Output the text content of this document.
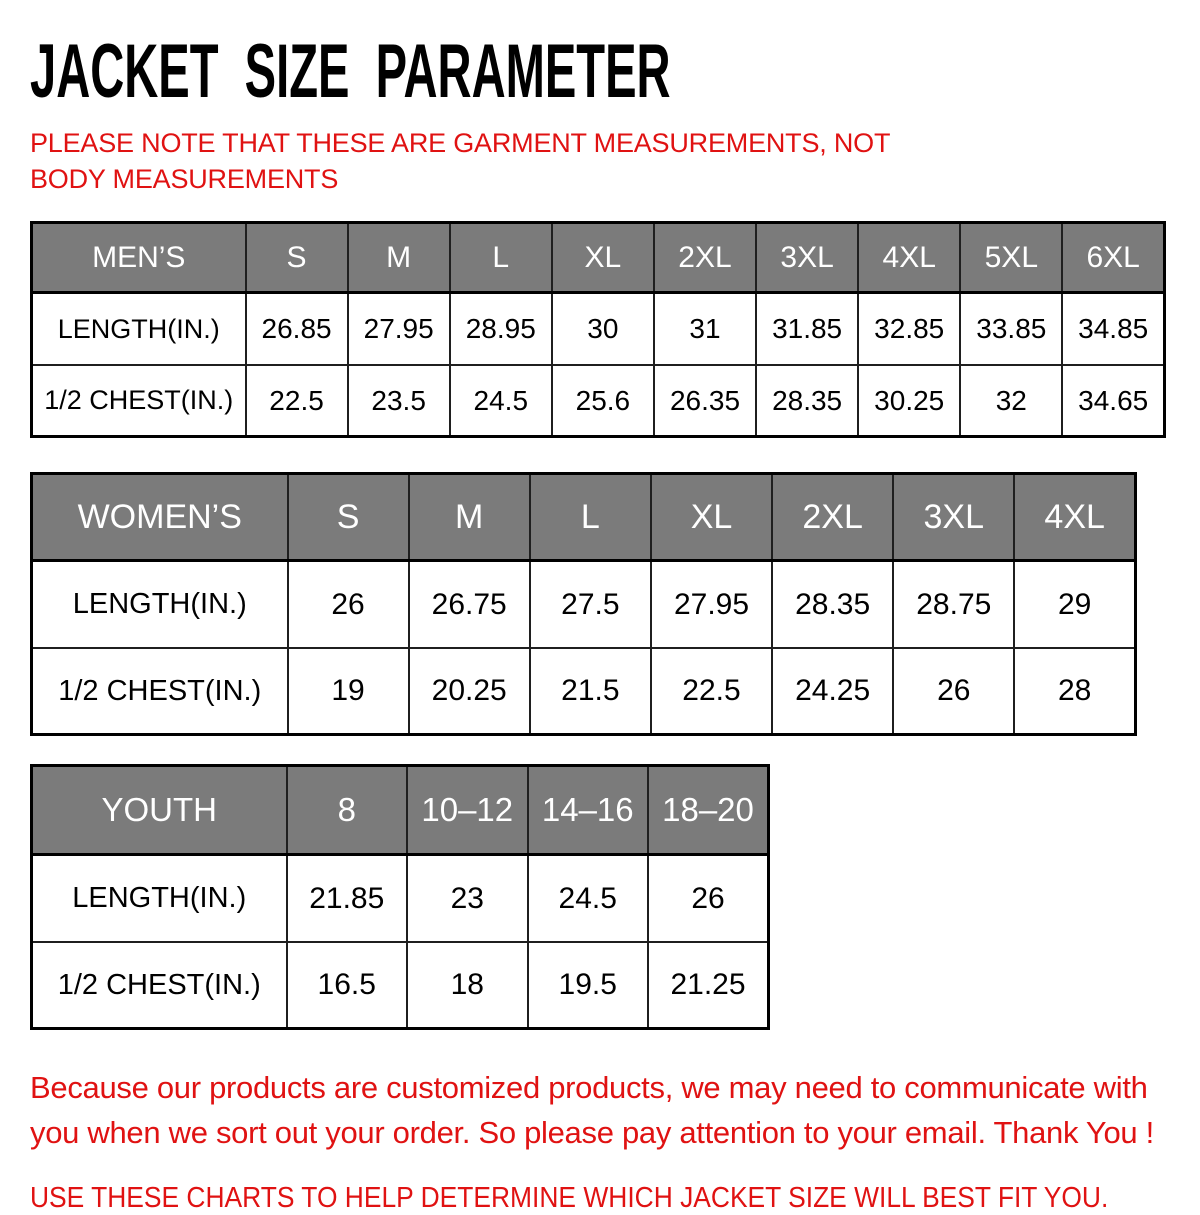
JACKET  SIZE  PARAMETER

PLEASE NOTE THAT THESE ARE GARMENT MEASUREMENTS, NOT BODY MEASUREMENTS

MEN’S	S	M	L	XL	2XL	3XL	4XL	5XL	6XL
LENGTH(IN.)	26.85	27.95	28.95	30	31	31.85	32.85	33.85	34.85
1/2 CHEST(IN.)	22.5	23.5	24.5	25.6	26.35	28.35	30.25	32	34.65
WOMEN’S	S	M	L	XL	2XL	3XL	4XL
LENGTH(IN.)	26	26.75	27.5	27.95	28.35	28.75	29
1/2 CHEST(IN.)	19	20.25	21.5	22.5	24.25	26	28
YOUTH	8	10–12	14–16	18–20
LENGTH(IN.)	21.85	23	24.5	26
1/2 CHEST(IN.)	16.5	18	19.5	21.25

Because our products are customized products, we may need to communicate with you when we sort out your order. So please pay attention to your email. Thank You !

USE THESE CHARTS TO HELP DETERMINE WHICH JACKET SIZE WILL BEST FIT YOU.
